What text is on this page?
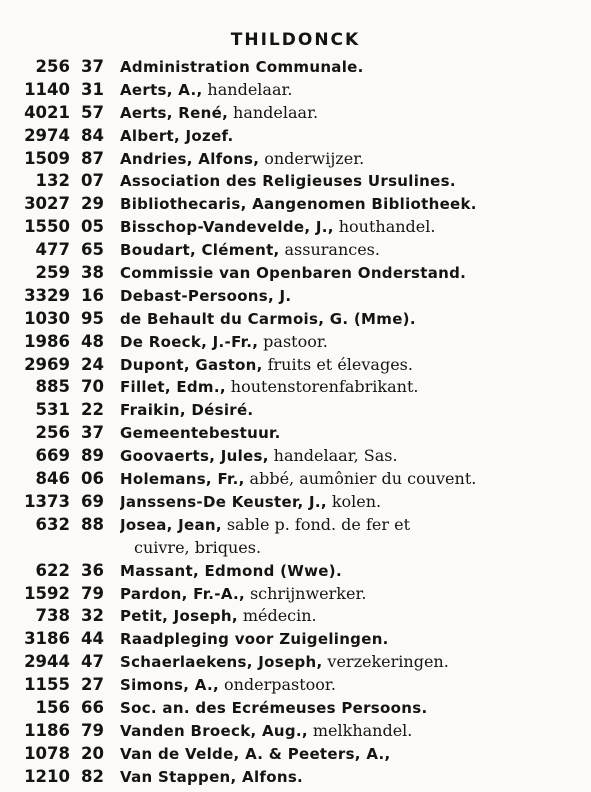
THILDONCK
256 37 Administration Communale.
1140 31 Aerts, A., handelaar.
4021 57 Aerts, René, handelaar.
2974 84 Albert, Jozef.
1509 87 Andries, Alfons, onderwijzer.
132 07 Association des Religieuses Ursulines.
3027 29 Bibliothecaris, Aangenomen Bibliotheek.
1550 05 Bisschop-Vandevelde, J., houthandel.
477 65 Boudart, Clément, assurances.
259 38 Commissie van Openbaren Onderstand.
3329 16 Debast-Persoons, J.
1030 95 de Behault du Carmois, G. (Mme).
1986 48 De Roeck, J.-Fr., pastoor.
2969 24 Dupont, Gaston, fruits et élevages.
885 70 Fillet, Edm., houtenstorenfabrikant.
531 22 Fraikin, Désiré.
256 37 Gemeentebestuur.
669 89 Goovaerts, Jules, handelaar, Sas.
846 06 Holemans, Fr., abbé, aumônier du couvent.
1373 69 Janssens-De Keuster, J., kolen.
632 88 Josea, Jean, sable p. fond. de fer et
cuivre, briques.
622 36 Massant, Edmond (Wwe).
1592 79 Pardon, Fr.-A., schrijnwerker.
738 32 Petit, Joseph, médecin.
3186 44 Raadpleging voor Zuigelingen.
2944 47 Schaerlaekens, Joseph, verzekeringen.
1155 27 Simons, A., onderpastoor.
156 66 Soc. an. des Ecrémeuses Persoons.
1186 79 Vanden Broeck, Aug., melkhandel.
1078 20 Van de Velde, A. & Peeters, A.,
1210 82 Van Stappen, Alfons.
